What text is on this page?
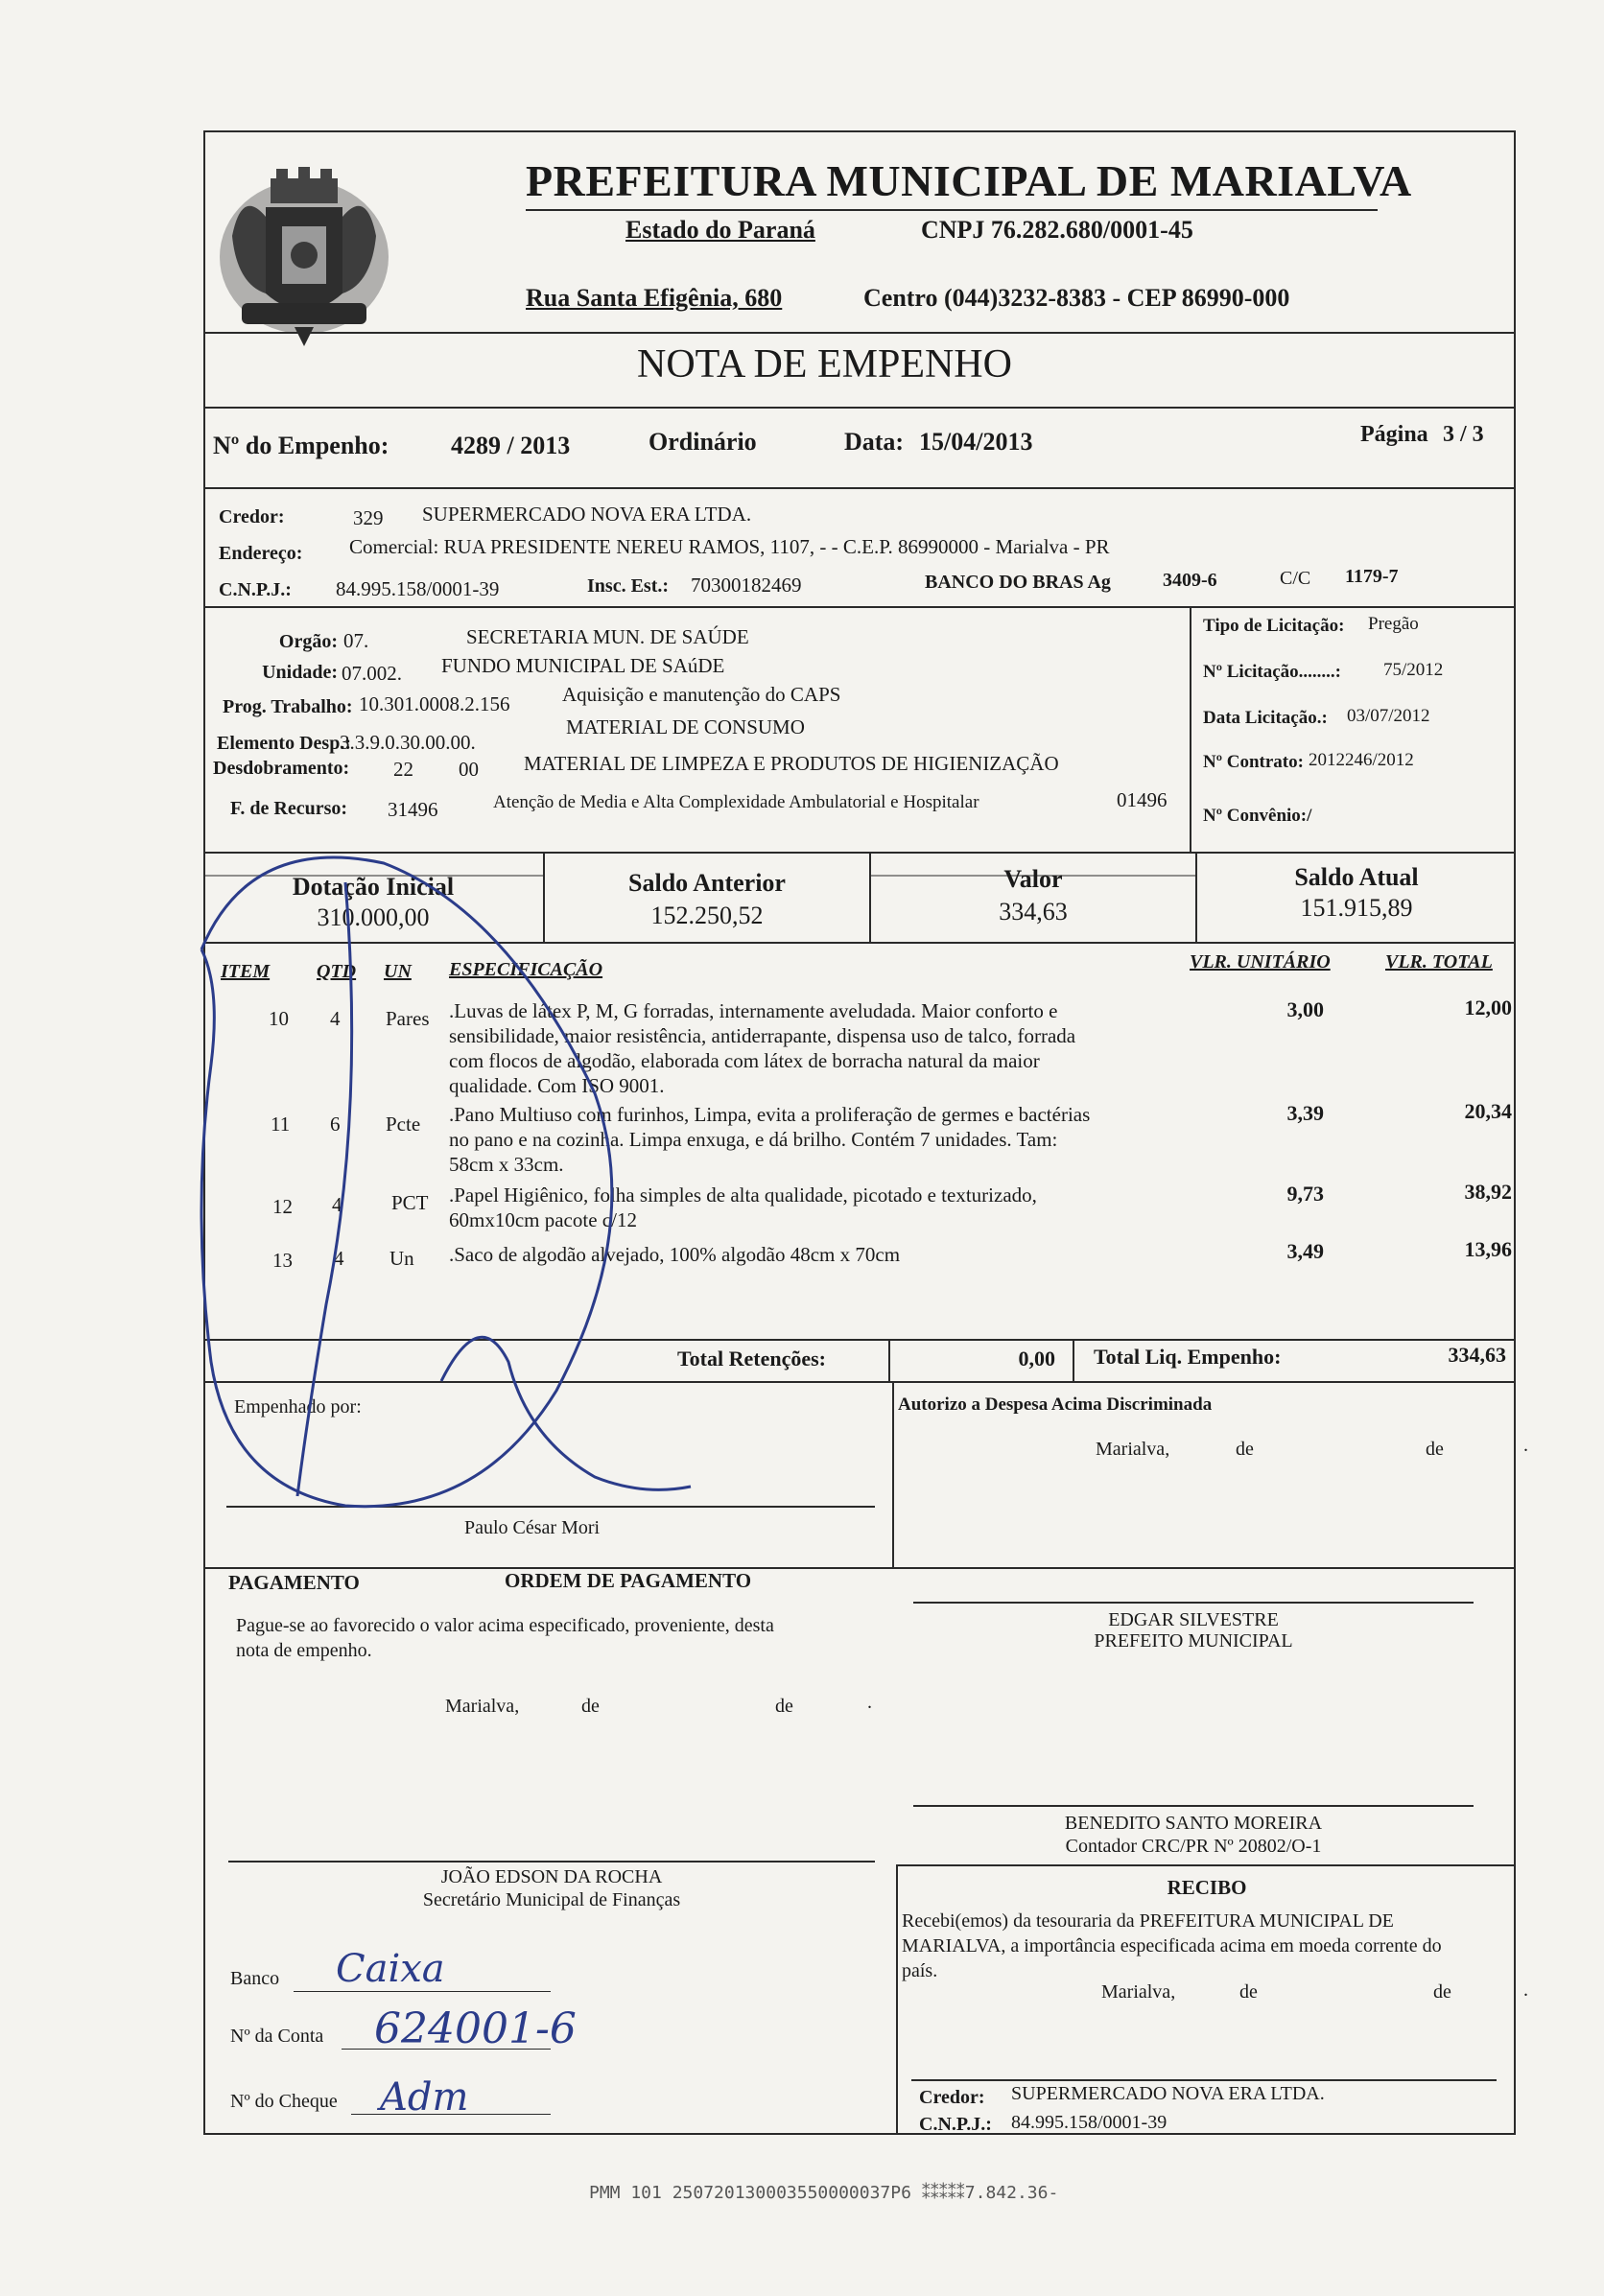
PREFEITURA MUNICIPAL DE MARIALVA
Estado do Paraná	CNPJ 76.282.680/0001-45
Rua Santa Efigênia, 680	Centro (044)3232-8383 - CEP 86990-000
NOTA DE EMPENHO
Nº do Empenho: 4289 / 2013	Ordinário	Data: 15/04/2013	Página 3 / 3
Credor:	329 SUPERMERCADO NOVA ERA LTDA.
Endereço: Comercial: RUA PRESIDENTE NEREU RAMOS, 1107, - - C.E.P. 86990000 - Marialva - PR
C.N.P.J.: 84.995.158/0001-39	Insc. Est.: 70300182469	BANCO DO BRAS Ag	3409-6	C/C 1179-7
Orgão: 07.	SECRETARIA MUN. DE SAÚDE
Unidade: 07.002. FUNDO MUNICIPAL DE SAúDE
Prog. Trabalho: 10.301.0008.2.156	Aquisição e manutenção do CAPS
Elemento Desp.:
3.3.9.0.30.00.00.
MATERIAL DE CONSUMO
Desdobramento: 22 00 MATERIAL DE LIMPEZA E PRODUTOS DE HIGIENIZAÇÃO
F. de Recurso: 31496	Atenção de Media e Alta Complexidade Ambulatorial e Hospitalar	01496
Tipo de Licitação: Pregão
Nº Licitação........: 75/2012
Data Licitação.: 03/07/2012
Nº Contrato: 2012246/2012
Nº Convênio:/
Dotação Inicial
310.000,00
Saldo Anterior
152.250,52
Valor
334,63
Saldo Atual
151.915,89
ITEM QTD UN ESPECIFICAÇÃO	VLR. UNITÁRIO	VLR. TOTAL
10 4 Pares .Luvas de látex P, M, G forradas, internamente aveludada. Maior conforto e
sensibilidade, maior resistência, antiderrapante, dispensa uso de talco, forrada
com flocos de algodão, elaborada com látex de borracha natural da maior
qualidade. Com ISO 9001.
3,00	12,00
11 6 Pcte .Pano Multiuso com furinhos, Limpa, evita a proliferação de germes e bactérias
no pano e na cozinha. Limpa enxuga, e dá brilho. Contém 7 unidades. Tam:
58cm x 33cm.
3,39	20,34
12 4 PCT .Papel Higiênico, folha simples de alta qualidade, picotado e texturizado,
60mx10cm pacote c/12
9,73	38,92
13 4 Un .Saco de algodão alvejado, 100% algodão 48cm x 70cm	3,49	13,96
Total Retenções:	0,00 Total Liq. Empenho:	334,63
Empenhado por:
Paulo César Mori
Autorizo a Despesa Acima Discriminada
Marialva,	de	de	.
PAGAMENTO	ORDEM DE PAGAMENTO
Pague-se ao favorecido o valor acima especificado, proveniente, desta
nota de empenho.
Marialva,	de	de	.
EDGAR SILVESTRE
PREFEITO MUNICIPAL
BENEDITO SANTO MOREIRA
Contador CRC/PR Nº 20802/O-1
JOÃO EDSON DA ROCHA
Secretário Municipal de Finanças
RECIBO
Recebi(emos) da tesouraria da PREFEITURA MUNICIPAL DE
MARIALVA, a importância especificada acima em moeda corrente do
país.
Marialva,	de	de	.
Credor: SUPERMERCADO NOVA ERA LTDA.
C.N.P.J.: 84.995.158/0001-39
Banco Caixa
Nº da Conta 624001-6
Nº do Cheque Adm
PMM 101 250720130003550000037P6 ⁑⁑⁑⁑⁑7.842.36-
